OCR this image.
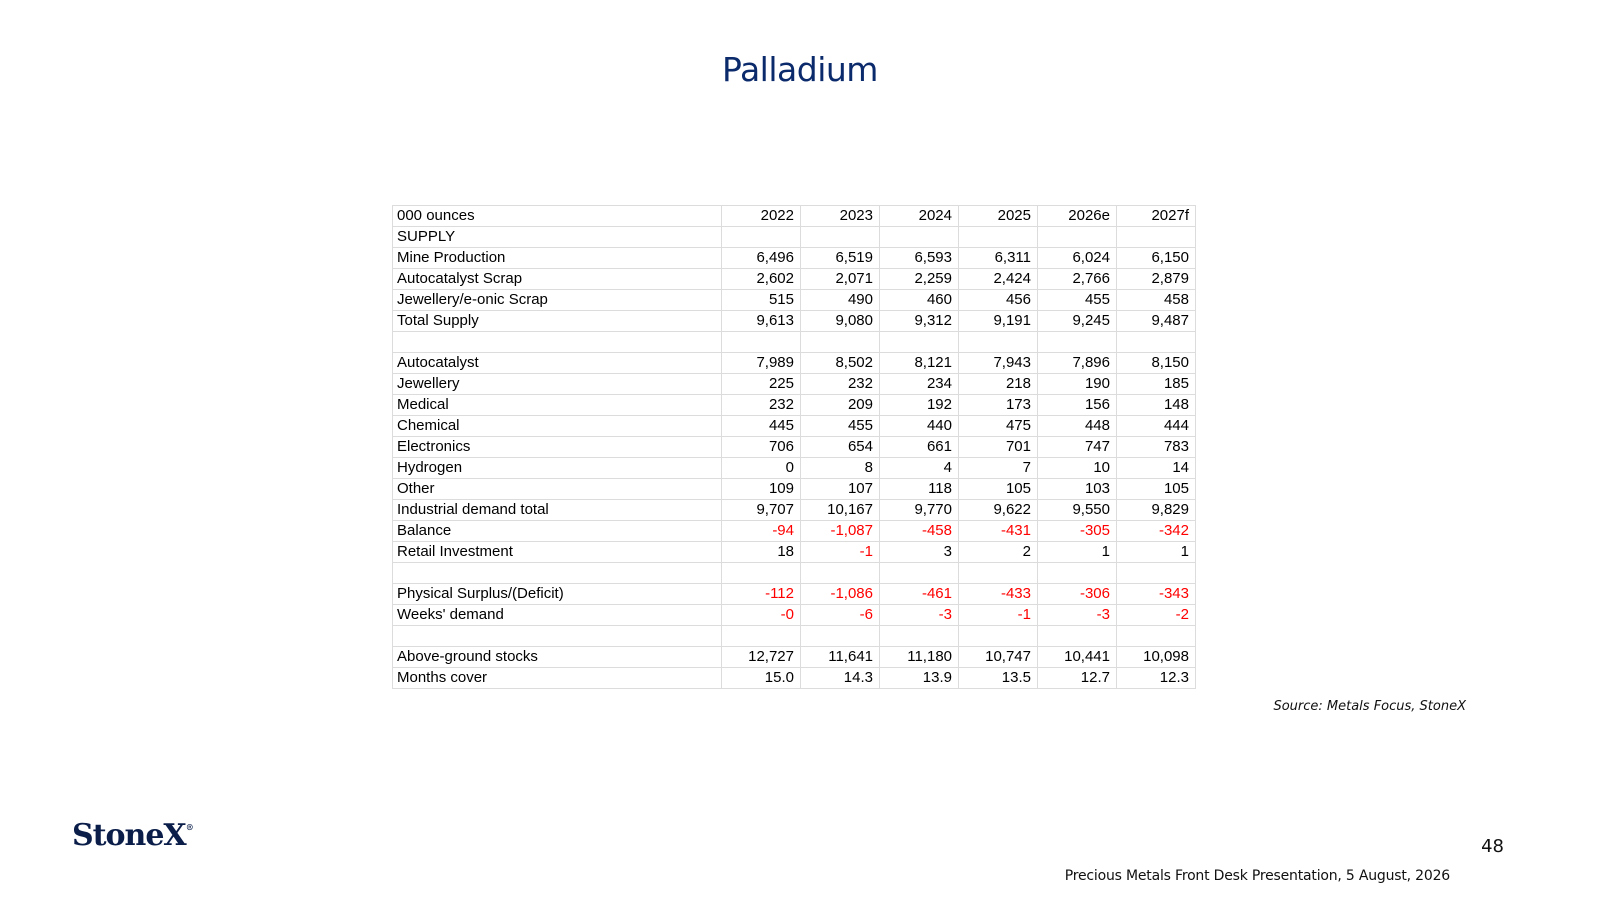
Palladium
000 ounces	2022	2023	2024	2025	2026e	2027f
SUPPLY						
Mine Production	6,496	6,519	6,593	6,311	6,024	6,150
Autocatalyst Scrap	2,602	2,071	2,259	2,424	2,766	2,879
Jewellery/e-onic Scrap	515	490	460	456	455	458
Total Supply	9,613	9,080	9,312	9,191	9,245	9,487

Autocatalyst	7,989	8,502	8,121	7,943	7,896	8,150
Jewellery	225	232	234	218	190	185
Medical	232	209	192	173	156	148
Chemical	445	455	440	475	448	444
Electronics	706	654	661	701	747	783
Hydrogen	0	8	4	7	10	14
Other	109	107	118	105	103	105
Industrial demand total	9,707	10,167	9,770	9,622	9,550	9,829
Balance	-94	-1,087	-458	-431	-305	-342
Retail Investment	18	-1	3	2	1	1

Physical Surplus/(Deficit)	-112	-1,086	-461	-433	-306	-343
Weeks' demand	-0	-6	-3	-1	-3	-2

Above-ground stocks	12,727	11,641	11,180	10,747	10,441	10,098
Months cover	15.0	14.3	13.9	13.5	12.7	12.3
Source: Metals Focus, StoneX
StoneX®
48
Precious Metals Front Desk Presentation, 5 August, 2026
